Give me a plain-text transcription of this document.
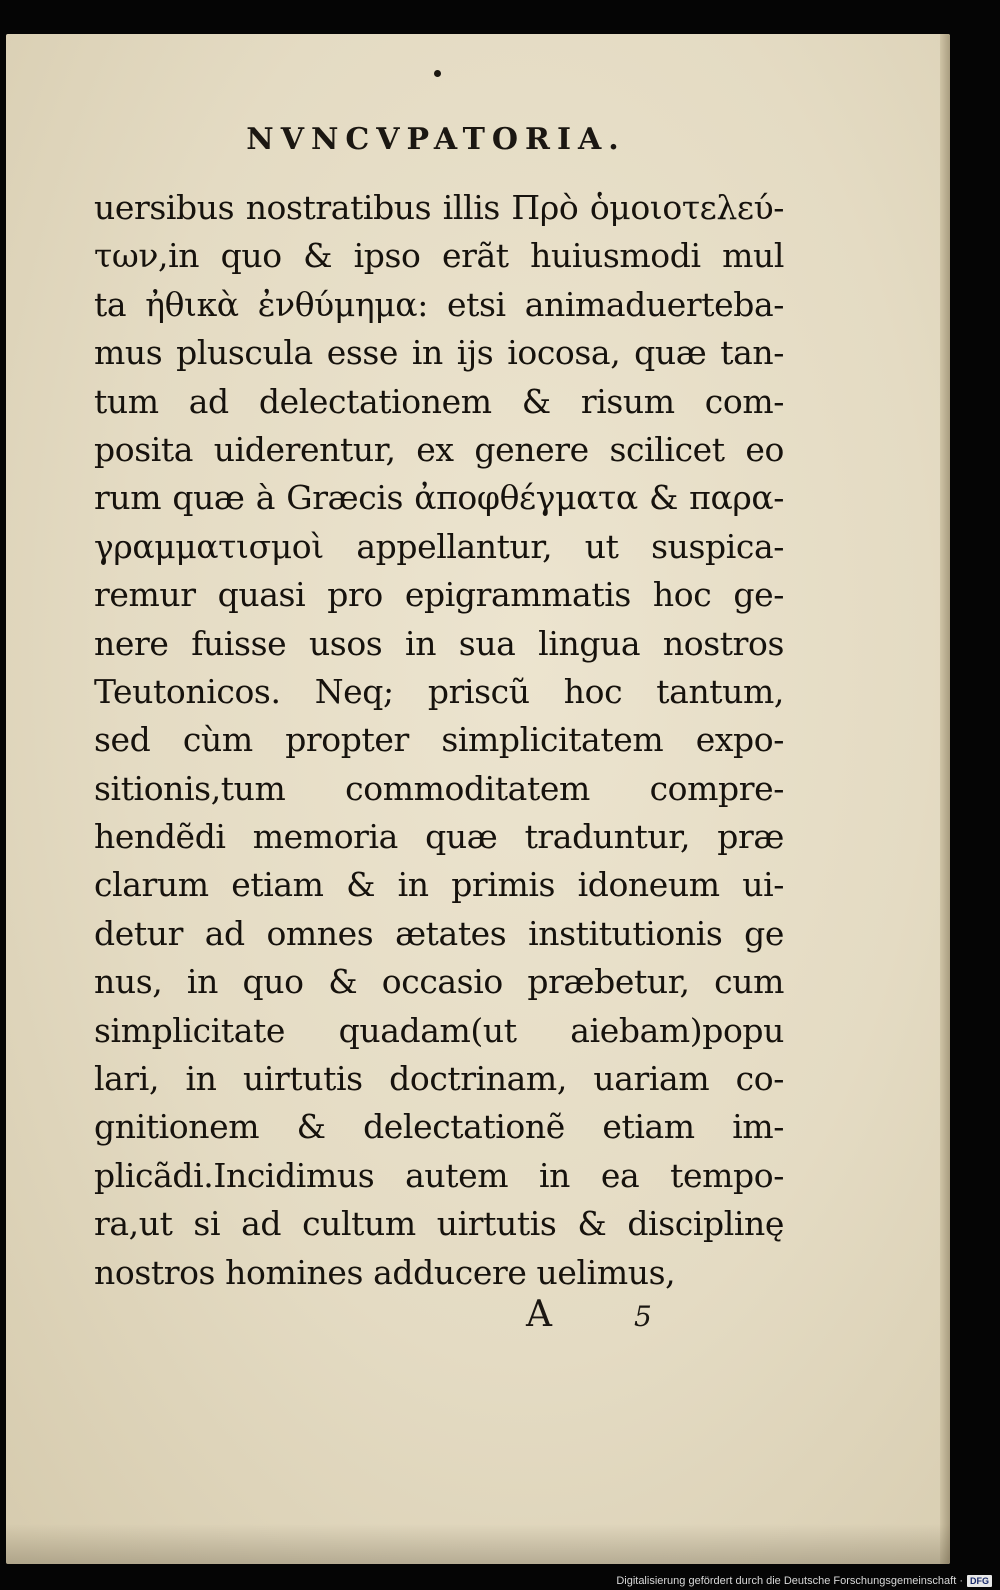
NVNCVPATORIA.
uersibus nostratibus illis Πρὸ ὁμοιοτελεύ-
των,in quo & ipso erãt huiusmodi mul
ta ἠθικὰ ἐνθύμημα: etsi animaduerteba-
mus pluscula esse in ijs iocosa, quæ tan-
tum ad delectationem & risum com-
posita uiderentur, ex genere scilicet eo
rum quæ à Græcis ἀποφθέγματα & παρα-
γραμματισμοὶ appellantur, ut suspica-
remur quasi pro epigrammatis hoc ge-
nere fuisse usos in sua lingua nostros
Teutonicos. Neq; priscũ hoc tantum,
sed cùm propter simplicitatem expo-
sitionis,tum commoditatem compre-
hendẽdi memoria quæ traduntur, præ
clarum etiam & in primis idoneum ui-
detur ad omnes ætates institutionis ge
nus, in quo & occasio præbetur, cum
simplicitate quadam(ut aiebam)popu
lari, in uirtutis doctrinam, uariam co-
gnitionem & delectationẽ etiam im-
plicãdi.Incidimus autem in ea tempo-
ra,ut si ad cultum uirtutis & disciplinę
nostros homines adducere uelimus,
A	5
Digitalisierung gefördert durch die Deutsche Forschungsgemeinschaft · DFG
